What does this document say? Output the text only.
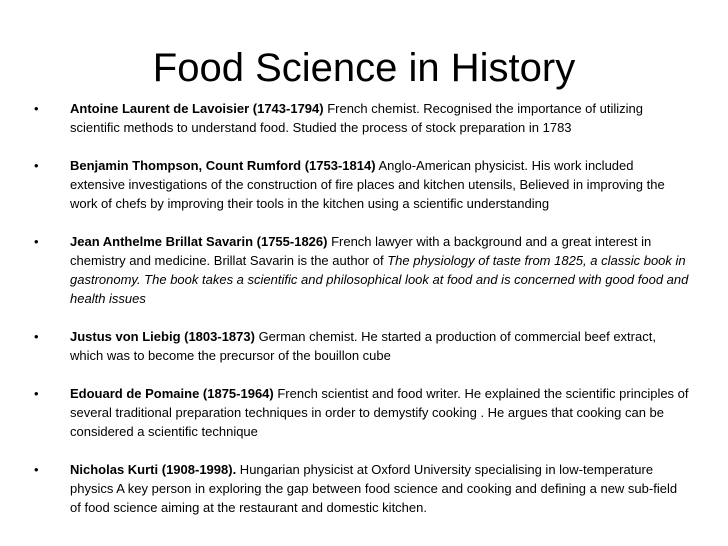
Food Science in History
• Antoine Laurent de Lavoisier (1743-1794) French chemist. Recognised the importance of utilizing scientific methods to understand food. Studied the process of stock preparation in 1783
• Benjamin Thompson, Count Rumford (1753-1814) Anglo-American physicist. His work included extensive investigations of the construction of fire places and kitchen utensils, Believed in improving the work of chefs by improving their tools in the kitchen using a scientific understanding
• Jean Anthelme Brillat Savarin (1755-1826) French lawyer with a background and a great interest in chemistry and medicine. Brillat Savarin is the author of The physiology of taste from 1825, a classic book in gastronomy. The book takes a scientific and philosophical look at food and is concerned with good food and health issues
• Justus von Liebig (1803-1873) German chemist. He started a production of commercial beef extract, which was to become the precursor of the bouillon cube
• Edouard de Pomaine (1875-1964) French scientist and food writer. He explained the scientific principles of several traditional preparation techniques in order to demystify cooking . He argues that cooking can be considered a scientific technique
• Nicholas Kurti (1908-1998). Hungarian physicist at Oxford University specialising in low-temperature physics A key person in exploring the gap between food science and cooking and defining a new sub-field of food science aiming at the restaurant and domestic kitchen.
